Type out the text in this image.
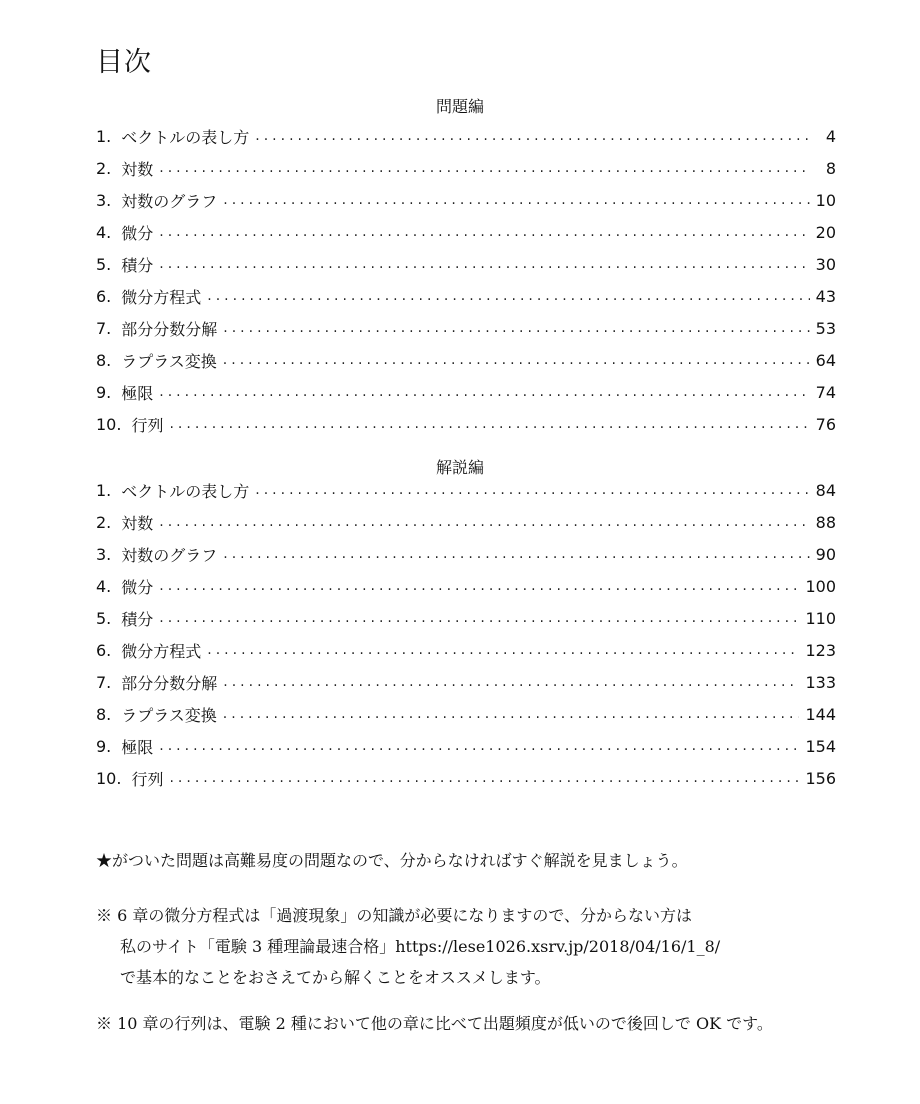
目次
問題編
1. ベクトルの表し方 .....	4
2. 対数 .....	8
3. 対数のグラフ .....	10
4. 微分 .....	20
5. 積分 .....	30
6. 微分方程式 .....	43
7. 部分分数分解 .....	53
8. ラプラス変換 .....	64
9. 極限 .....	74
10. 行列 .....	76
解説編
1. ベクトルの表し方 .....	84
2. 対数 .....	88
3. 対数のグラフ .....	90
4. 微分 .....	100
5. 積分 .....	110
6. 微分方程式 .....	123
7. 部分分数分解 .....	133
8. ラプラス変換 .....	144
9. 極限 .....	154
10. 行列 .....	156
★がついた問題は高難易度の問題なので、分からなければすぐ解説を見ましょう。
※ 6 章の微分方程式は「過渡現象」の知識が必要になりますので、分からない方は
私のサイト「電験 3 種理論最速合格」https://lese1026.xsrv.jp/2018/04/16/1_8/
で基本的なことをおさえてから解くことをオススメします。
※ 10 章の行列は、電験 2 種において他の章に比べて出題頻度が低いので後回しで OK です。
